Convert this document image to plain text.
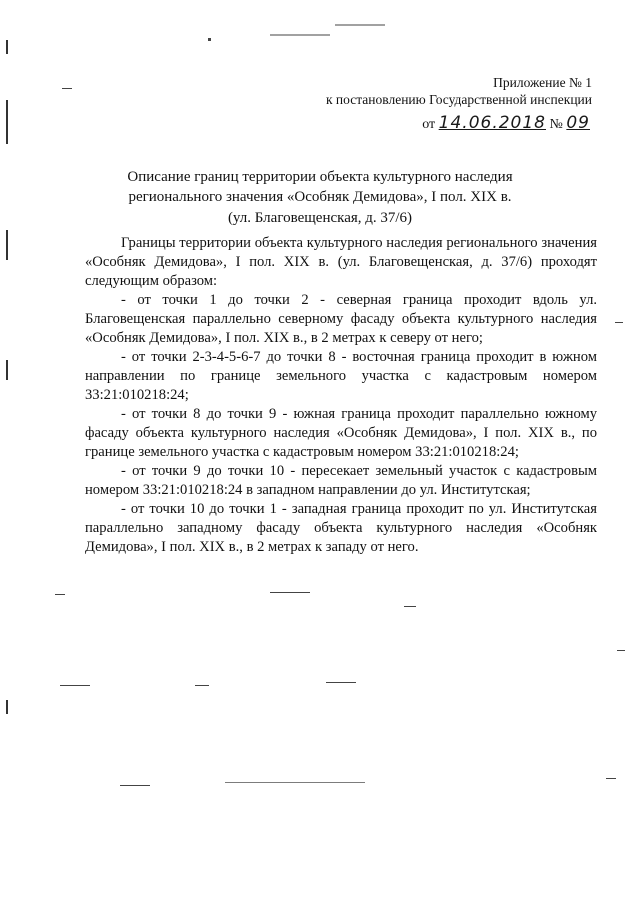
Приложение № 1
к постановлению Государственной инспекции
от 14.06.2018 № 09
Описание границ территории объекта культурного наследия
регионального значения «Особняк Демидова», I пол. XIX в.
(ул. Благовещенская, д. 37/6)

Границы территории объекта культурного наследия регионального значения «Особняк Демидова», I пол. XIX в. (ул. Благовещенская, д. 37/6) проходят следующим образом:

- от точки 1 до точки 2 - северная граница проходит вдоль ул. Благовещенская параллельно северному фасаду объекта культурного наследия «Особняк Демидова», I пол. XIX в., в 2 метрах к северу от него;

- от точки 2-3-4-5-6-7 до точки 8 - восточная граница проходит в южном направлении по границе земельного участка с кадастровым номером 33:21:010218:24;

- от точки 8 до точки 9 - южная граница проходит параллельно южному фасаду объекта культурного наследия «Особняк Демидова», I пол. XIX в., по границе земельного участка с кадастровым номером 33:21:010218:24;

- от точки 9 до точки 10 - пересекает земельный участок с кадастровым номером 33:21:010218:24 в западном направлении до ул. Институтская;

- от точки 10 до точки 1 - западная граница проходит по ул. Институтская параллельно западному фасаду объекта культурного наследия «Особняк Демидова», I пол. XIX в., в 2 метрах к западу от него.
